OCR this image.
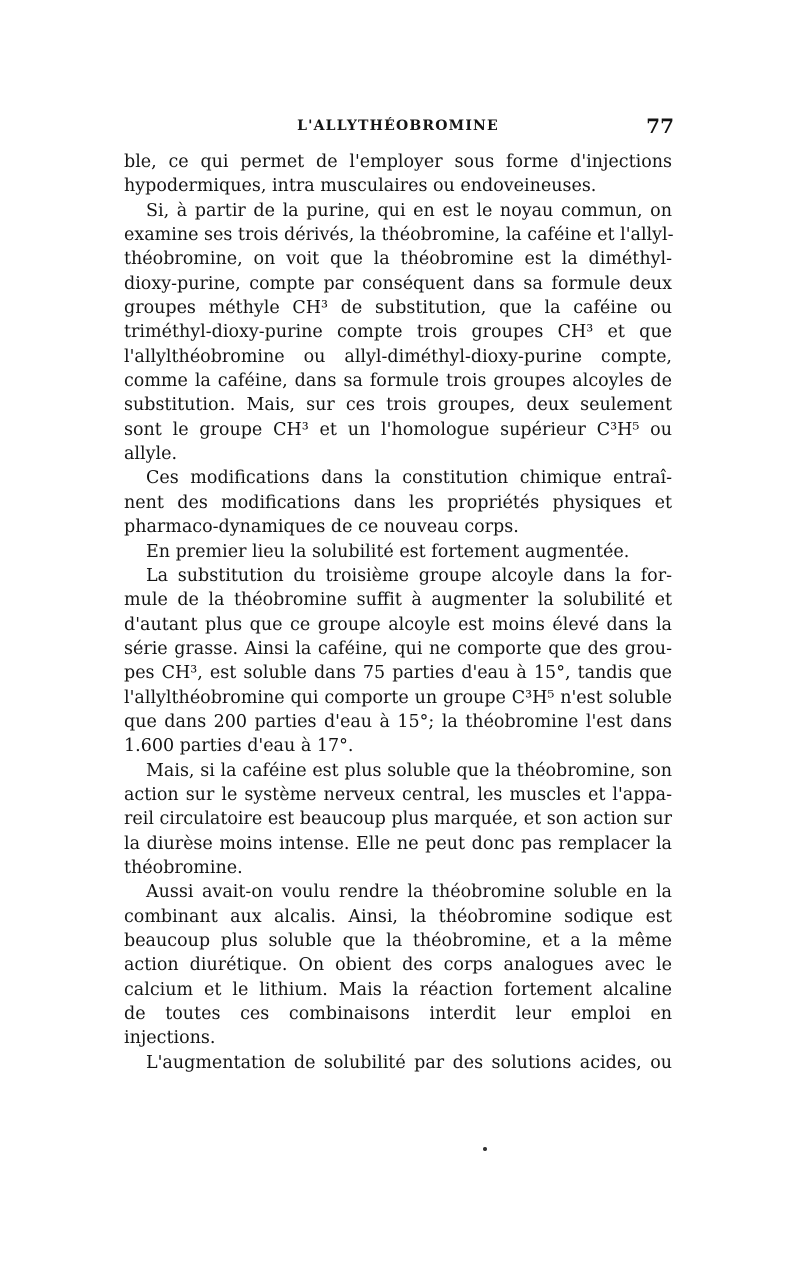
L'ALLYTHÉOBROMINE	77
ble, ce qui permet de l'employer sous forme d'injections
hypodermiques, intra musculaires ou endoveineuses.
Si, à partir de la purine, qui en est le noyau commun, on
examine ses trois dérivés, la théobromine, la caféine et l'allyl-
théobromine, on voit que la théobromine est la diméthyl-
dioxy-purine, compte par conséquent dans sa formule deux
groupes méthyle CH³ de substitution, que la caféine ou
triméthyl-dioxy-purine compte trois groupes CH³ et que
l'allylthéobromine ou allyl-diméthyl-dioxy-purine compte,
comme la caféine, dans sa formule trois groupes alcoyles de
substitution. Mais, sur ces trois groupes, deux seulement
sont le groupe CH³ et un l'homologue supérieur C³H⁵ ou
allyle.
Ces modifications dans la constitution chimique entraî-
nent des modifications dans les propriétés physiques et
pharmaco-dynamiques de ce nouveau corps.
En premier lieu la solubilité est fortement augmentée.
La substitution du troisième groupe alcoyle dans la for-
mule de la théobromine suffit à augmenter la solubilité et
d'autant plus que ce groupe alcoyle est moins élevé dans la
série grasse. Ainsi la caféine, qui ne comporte que des grou-
pes CH³, est soluble dans 75 parties d'eau à 15°, tandis que
l'allylthéobromine qui comporte un groupe C³H⁵ n'est soluble
que dans 200 parties d'eau à 15°; la théobromine l'est dans
1.600 parties d'eau à 17°.
Mais, si la caféine est plus soluble que la théobromine, son
action sur le système nerveux central, les muscles et l'appa-
reil circulatoire est beaucoup plus marquée, et son action sur
la diurèse moins intense. Elle ne peut donc pas remplacer la
théobromine.
Aussi avait-on voulu rendre la théobromine soluble en la
combinant aux alcalis. Ainsi, la théobromine sodique est
beaucoup plus soluble que la théobromine, et a la même
action diurétique. On obient des corps analogues avec le
calcium et le lithium. Mais la réaction fortement alcaline
de toutes ces combinaisons interdit leur emploi en
injections.
L'augmentation de solubilité par des solutions acides, ou
